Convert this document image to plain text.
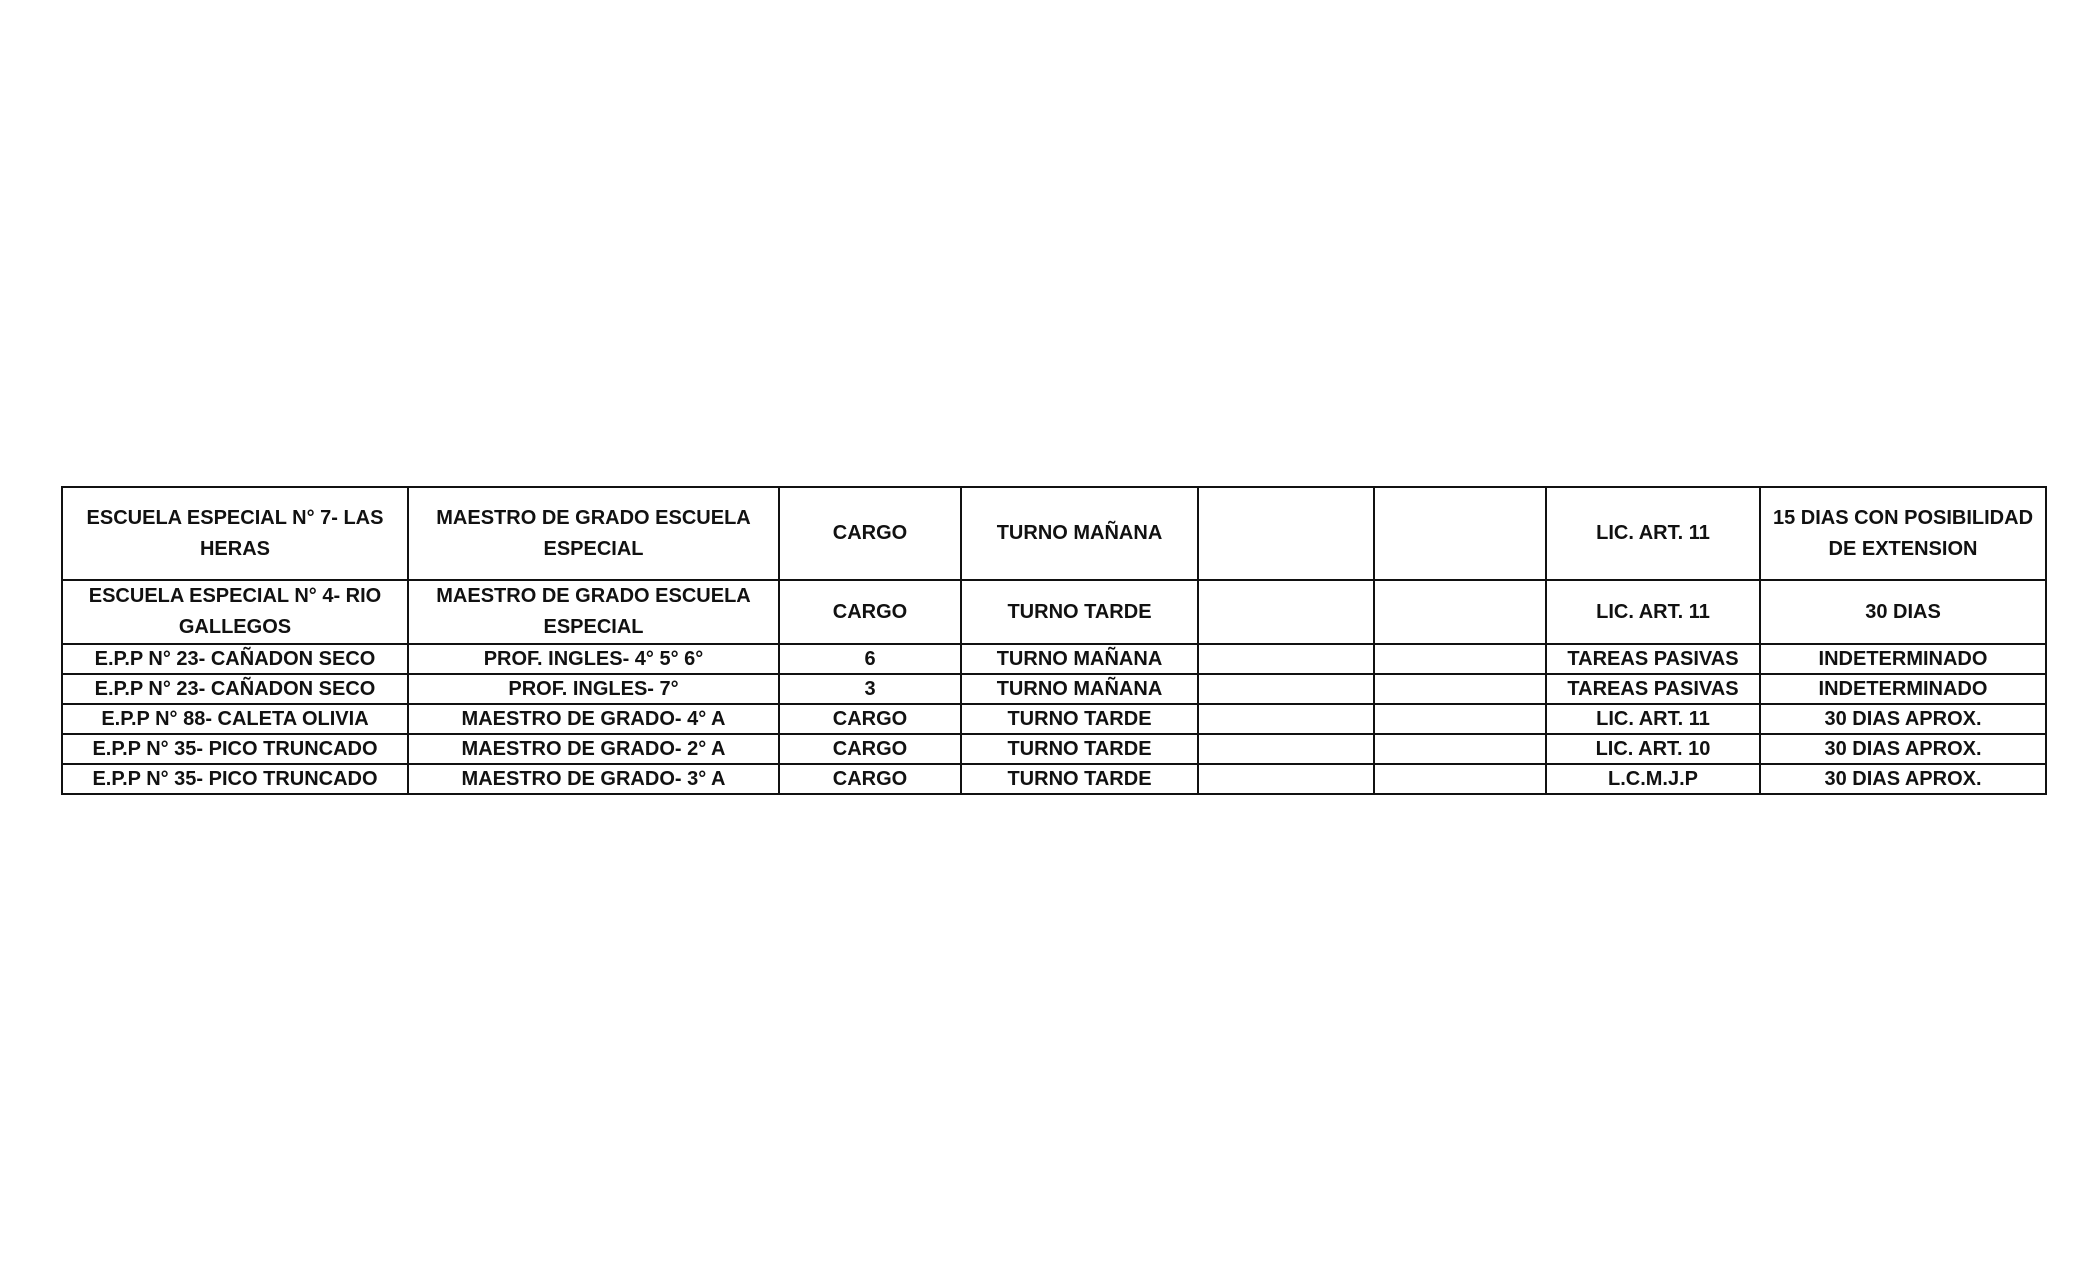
ESCUELA ESPECIAL N° 7- LAS HERAS	MAESTRO DE GRADO ESCUELA ESPECIAL	CARGO	TURNO MAÑANA			LIC. ART. 11	15 DIAS CON POSIBILIDAD DE EXTENSION
ESCUELA ESPECIAL N° 4- RIO GALLEGOS	MAESTRO DE GRADO ESCUELA ESPECIAL	CARGO	TURNO TARDE			LIC. ART. 11	30 DIAS
E.P.P N° 23- CAÑADON SECO	PROF. INGLES- 4° 5° 6°	6	TURNO MAÑANA			TAREAS PASIVAS	INDETERMINADO
E.P.P N° 23- CAÑADON SECO	PROF. INGLES- 7°	3	TURNO MAÑANA			TAREAS PASIVAS	INDETERMINADO
E.P.P N° 88- CALETA OLIVIA	MAESTRO DE GRADO- 4° A	CARGO	TURNO TARDE			LIC. ART. 11	30 DIAS APROX.
E.P.P N° 35- PICO TRUNCADO	MAESTRO DE GRADO- 2° A	CARGO	TURNO TARDE			LIC. ART. 10	30 DIAS APROX.
E.P.P N° 35- PICO TRUNCADO	MAESTRO DE GRADO- 3° A	CARGO	TURNO TARDE			L.C.M.J.P	30 DIAS APROX.
